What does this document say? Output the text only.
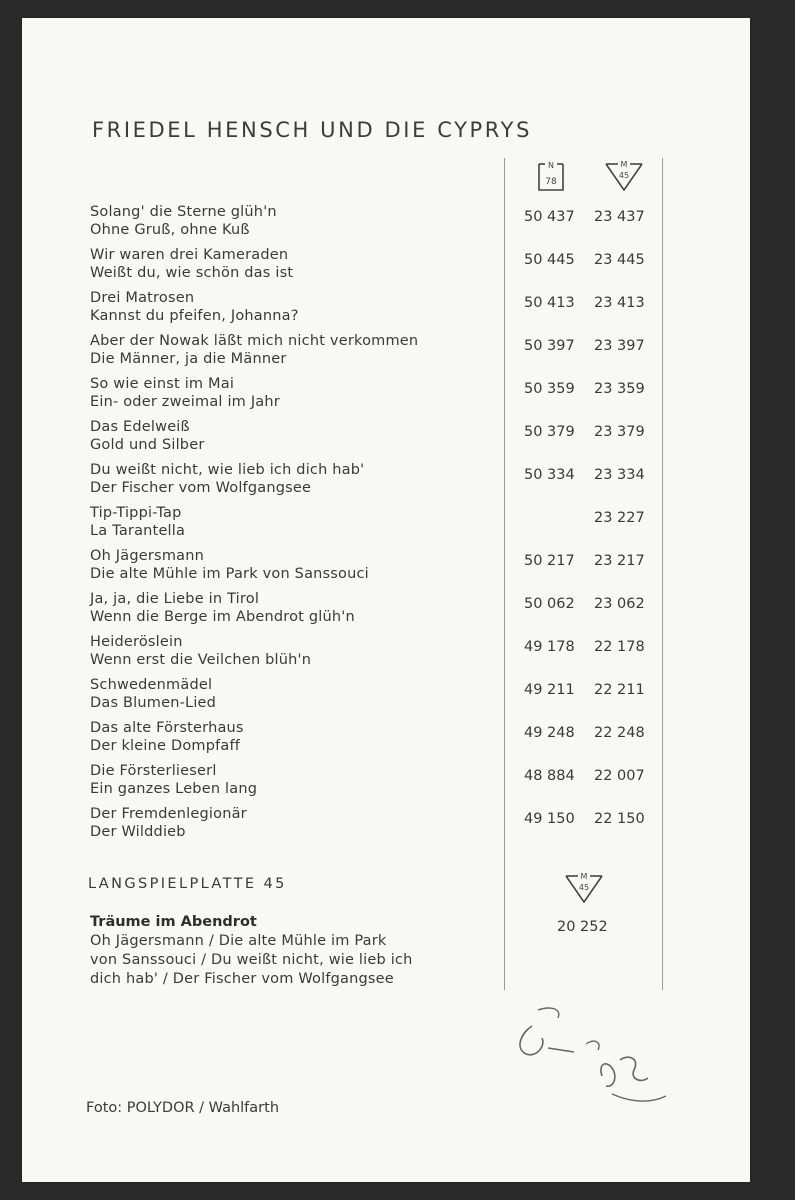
FRIEDEL HENSCH UND DIE CYPRYS
N
78
M
45
Solang' die Sterne glüh'n
Ohne Gruß, ohne Kuß
50 437 23 437
Wir waren drei Kameraden
Weißt du, wie schön das ist
50 445 23 445
Drei Matrosen
Kannst du pfeifen, Johanna?
50 413 23 413
Aber der Nowak läßt mich nicht verkommen
Die Männer, ja die Männer
50 397 23 397
So wie einst im Mai
Ein- oder zweimal im Jahr
50 359 23 359
Das Edelweiß
Gold und Silber
50 379 23 379
Du weißt nicht, wie lieb ich dich hab'
Der Fischer vom Wolfgangsee
50 334 23 334
Tip-Tippi-Tap
La Tarantella
23 227
Oh Jägersmann
Die alte Mühle im Park von Sanssouci
50 217 23 217
Ja, ja, die Liebe in Tirol
Wenn die Berge im Abendrot glüh'n
50 062 23 062
Heideröslein
Wenn erst die Veilchen blüh'n
49 178 22 178
Schwedenmädel
Das Blumen-Lied
49 211 22 211
Das alte Försterhaus
Der kleine Dompfaff
49 248 22 248
Die Försterlieserl
Ein ganzes Leben lang
48 884 22 007
Der Fremdenlegionär
Der Wilddieb
49 150 22 150
LANGSPIELPLATTE 45	M
45
Träume im Abendrot
Oh Jägersmann / Die alte Mühle im Park
von Sanssouci / Du weißt nicht, wie lieb ich
dich hab' / Der Fischer vom Wolfgangsee
20 252
Foto: POLYDOR / Wahlfarth
